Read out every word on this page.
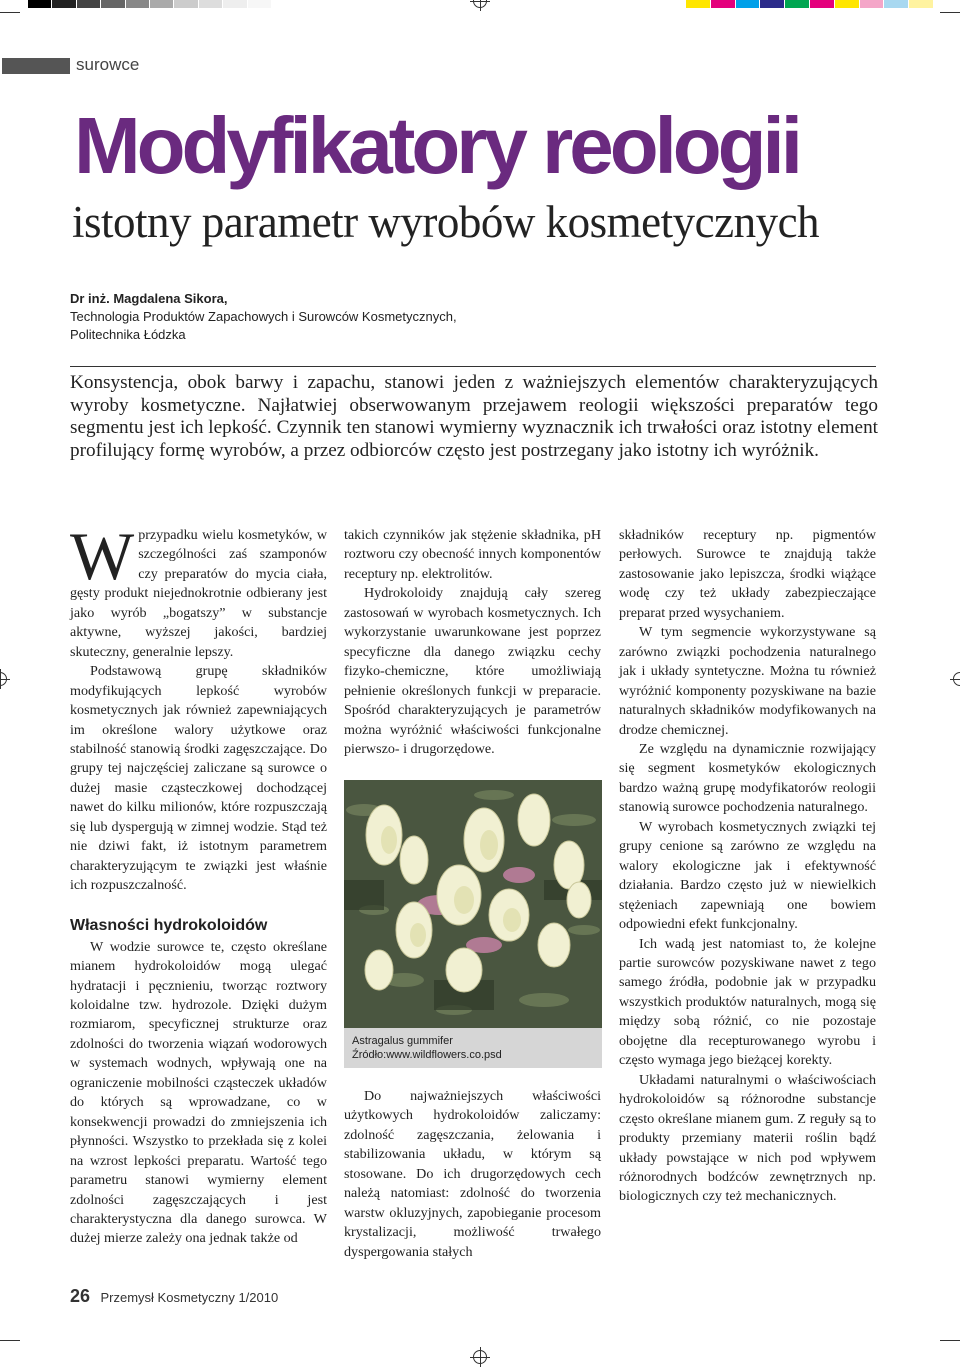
surowce
Modyfikatory reologii
istotny parametr wyrobów kosmetycznych
Dr inż. Magdalena Sikora,
Technologia Produktów Zapachowych i Surowców Kosmetycznych,
Politechnika Łódzka
Konsystencja, obok barwy i zapachu, stanowi jeden z ważniejszych elementów charakteryzujących wyroby kosmetyczne. Najłatwiej obserwowanym przejawem reologii większości preparatów tego segmentu jest ich lepkość. Czynnik ten stanowi wymierny wyznacznik ich trwałości oraz istotny element profilujący formę wyrobów, a przez odbiorców często jest postrzegany jako istotny ich wyróżnik.

Wprzypadku wielu kosmetyków, w szczególności zaś szamponów czy preparatów do mycia ciała, gęsty produkt niejednokrotnie odbierany jest jako wyrób „bogatszy” w substancje aktywne, wyższej jakości, bardziej skuteczny, generalnie lepszy.

Podstawową grupę składników modyfikujących lepkość wyrobów kosmetycznych jak również zapewniających im określone walory użytkowe oraz stabilność stanowią środki zagęszczające. Do grupy tej najczęściej zaliczane są surowce o dużej masie cząsteczkowej dochodzącej nawet do kilku milionów, które rozpuszczają się lub dyspergują w zimnej wodzie. Stąd też nie dziwi fakt, iż istotnym parametrem charakteryzującym te związki jest właśnie ich rozpuszczalność.

Własności hydrokoloidów

W wodzie surowce te, często określane mianem hydrokoloidów mogą ulegać hydratacji i pęcznieniu, tworząc roztwory koloidalne tzw. hydrozole. Dzięki dużym rozmiarom, specyficznej strukturze oraz zdolności do tworzenia wiązań wodorowych w systemach wodnych, wpływają one na ograniczenie mobilności cząsteczek układów do których są wprowadzane, co w konsekwencji prowadzi do zmniejszenia ich płynności. Wszystko to przekłada się z kolei na wzrost lepkości preparatu. Wartość tego parametru stanowi wymierny element zdolności zagęszczających i jest charakterystyczna dla danego surowca. W dużej mierze zależy ona jednak także od

takich czynników jak stężenie składnika, pH roztworu czy obecność innych komponentów receptury np. elektrolitów.

Hydrokoloidy znajdują cały szereg zastosowań w wyrobach kosmetycznych. Ich wykorzystanie uwarunkowane jest poprzez specyficzne dla danego związku cechy fizyko-chemiczne, które umożliwiają pełnienie określonych funkcji w preparacie. Spośród charakteryzujących je parametrów można wyróżnić właściwości funkcjonalne pierwszo- i drugorzędowe.

Astragalus gummifer
Źródło:www.wildflowers.co.psd

Do najważniejszych właściwości użytkowych hydrokoloidów zaliczamy: zdolność zagęszczania, żelowania i stabilizowania układu, w którym są stosowane. Do ich drugorzędowych cech należą natomiast: zdolność do tworzenia warstw okluzyjnych, zapobieganie procesom krystalizacji, możliwość trwałego dyspergowania stałych

składników receptury np. pigmentów perłowych. Surowce te znajdują także zastosowanie jako lepiszcza, środki wiążące wodę czy też układy zabezpieczające preparat przed wysychaniem.

W tym segmencie wykorzystywane są zarówno związki pochodzenia naturalnego jak i układy syntetyczne. Można tu również wyróżnić komponenty pozyskiwane na bazie naturalnych składników modyfikowanych na drodze chemicznej.

Ze względu na dynamicznie rozwijający się segment kosmetyków ekologicznych bardzo ważną grupę modyfikatorów reologii stanowią surowce pochodzenia naturalnego.

W wyrobach kosmetycznych związki tej grupy cenione są zarówno ze względu na walory ekologiczne jak i efektywność działania. Bardzo często już w niewielkich stężeniach zapewniają one bowiem odpowiedni efekt funkcjonalny.

Ich wadą jest natomiast to, że kolejne partie surowców pozyskiwane nawet z tego samego źródła, podobnie jak w przypadku wszystkich produktów naturalnych, mogą się między sobą różnić, co nie pozostaje obojętne dla recepturowanego wyrobu i często wymaga jego bieżącej korekty.

Układami naturalnymi o właściwościach hydrokoloidów są różnorodne substancje często określane mianem gum. Z reguły są to produkty przemiany materii roślin bądź układy powstające w nich pod wpływem różnorodnych bodźców zewnętrznych np. biologicznych czy też mechanicznych.

26 Przemysł Kosmetyczny 1/2010
